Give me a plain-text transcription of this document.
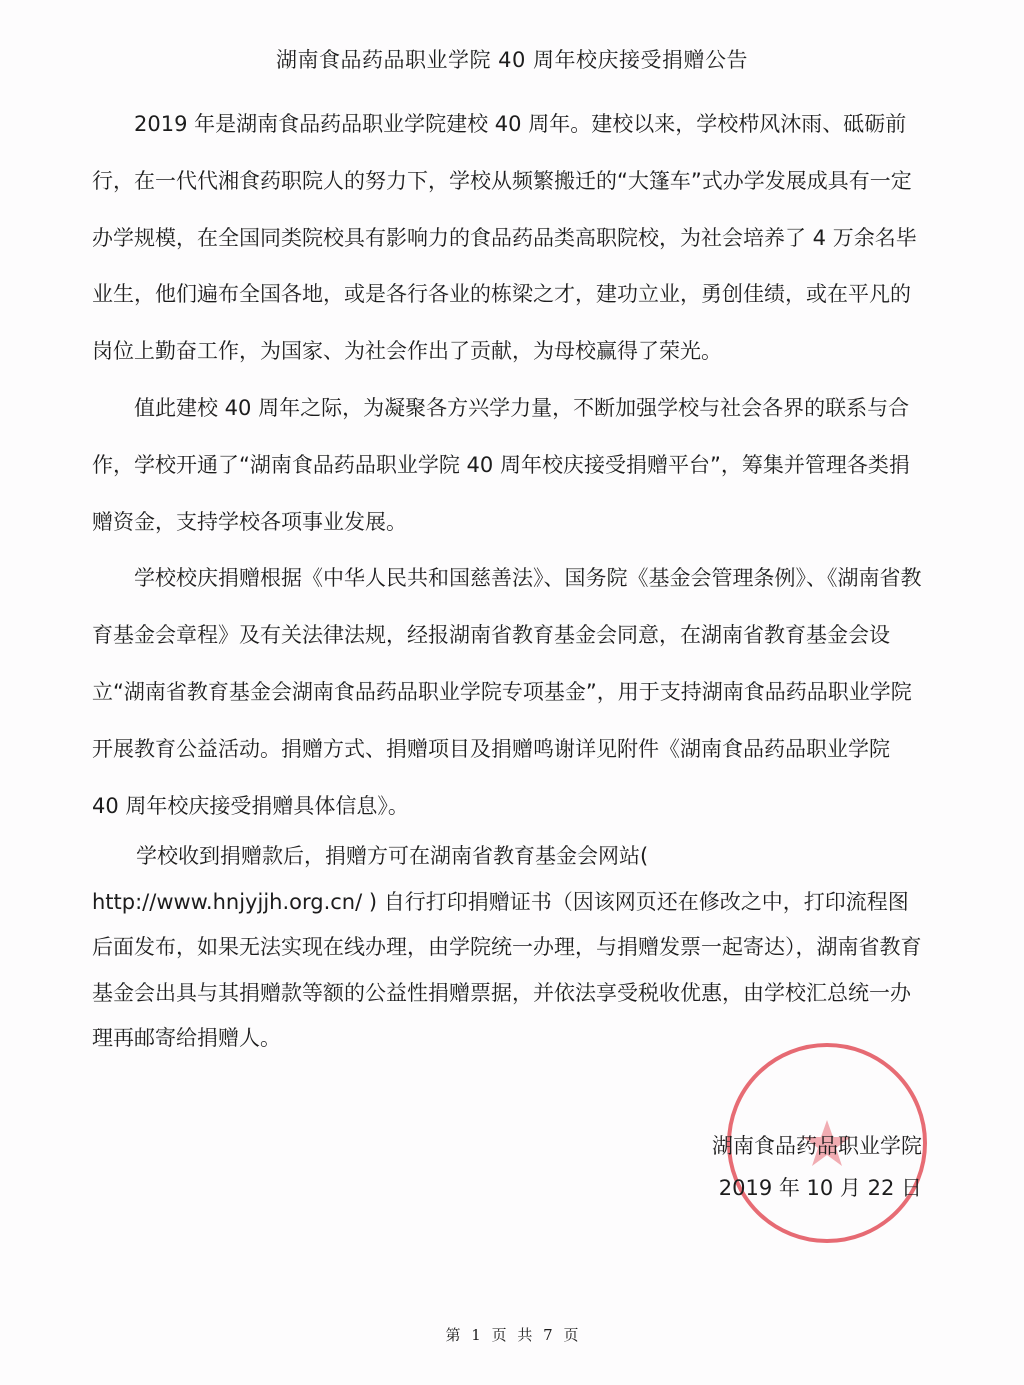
湖南食品药品职业学院 40 周年校庆接受捐赠公告

2019 年是湖南食品药品职业学院建校 40 周年。建校以来，学校栉风沐雨、砥砺前行，在一代代湘食药职院人的努力下，学校从频繁搬迁的“大篷车”式办学发展成具有一定办学规模，在全国同类院校具有影响力的食品药品类高职院校，为社会培养了 4 万余名毕业生，他们遍布全国各地，或是各行各业的栋梁之才，建功立业，勇创佳绩，或在平凡的岗位上勤奋工作，为国家、为社会作出了贡献，为母校赢得了荣光。

值此建校 40 周年之际，为凝聚各方兴学力量，不断加强学校与社会各界的联系与合作，学校开通了“湖南食品药品职业学院 40 周年校庆接受捐赠平台”，筹集并管理各类捐赠资金，支持学校各项事业发展。

学校校庆捐赠根据《中华人民共和国慈善法》、国务院《基金会管理条例》、《湖南省教育基金会章程》及有关法律法规，经报湖南省教育基金会同意，在湖南省教育基金会设立“湖南省教育基金会湖南食品药品职业学院专项基金”，用于支持湖南食品药品职业学院开展教育公益活动。捐赠方式、捐赠项目及捐赠鸣谢详见附件《湖南食品药品职业学院 40 周年校庆接受捐赠具体信息》。

学校收到捐赠款后，捐赠方可在湖南省教育基金会网站( http://www.hnjyjjh.org.cn/ ) 自行打印捐赠证书（因该网页还在修改之中，打印流程图后面发布，如果无法实现在线办理，由学院统一办理，与捐赠发票一起寄达），湖南省教育基金会出具与其捐赠款等额的公益性捐赠票据，并依法享受税收优惠，由学校汇总统一办理再邮寄给捐赠人。

湖南食品药品职业学院
2019 年 10 月 22 日
第 1 页 共 7 页
